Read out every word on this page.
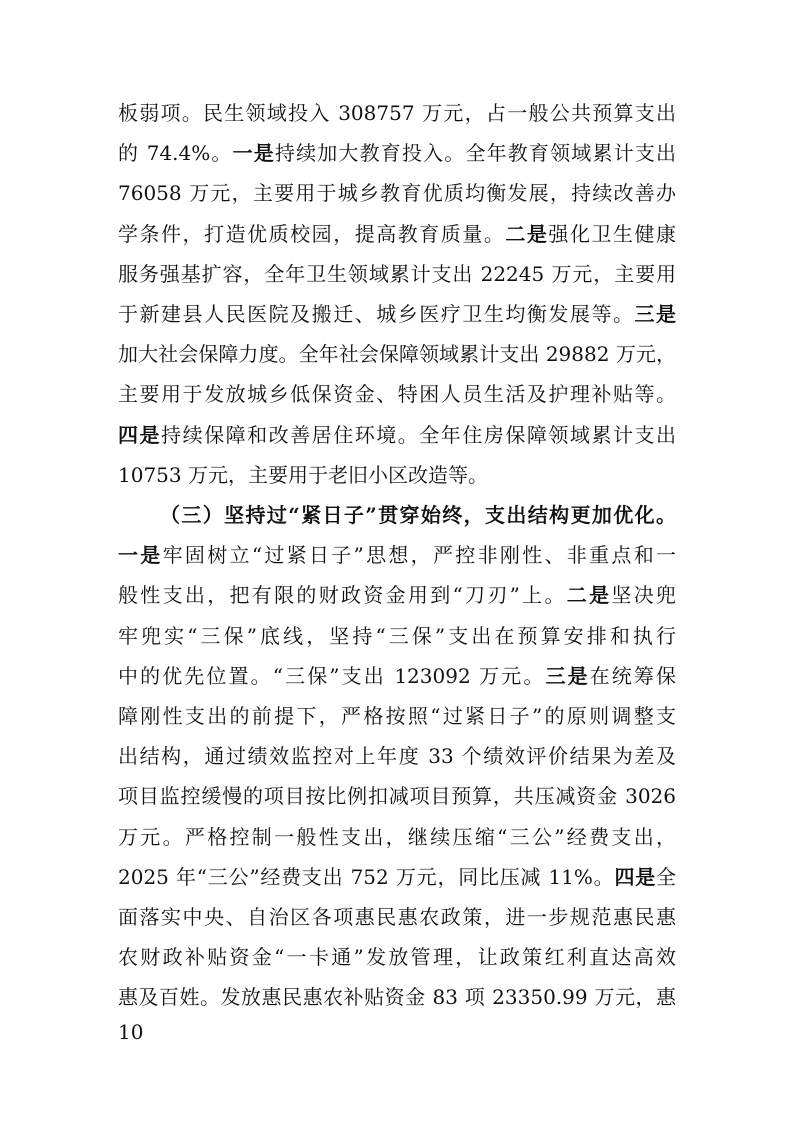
板弱项。民生领域投入 308757 万元，占一般公共预算支出
的 74.4%。一是持续加大教育投入。全年教育领域累计支出
76058 万元，主要用于城乡教育优质均衡发展，持续改善办
学条件，打造优质校园，提高教育质量。二是强化卫生健康
服务强基扩容，全年卫生领域累计支出 22245 万元，主要用
于新建县人民医院及搬迁、城乡医疗卫生均衡发展等。三是
加大社会保障力度。全年社会保障领域累计支出 29882 万元，
主要用于发放城乡低保资金、特困人员生活及护理补贴等。
四是持续保障和改善居住环境。全年住房保障领域累计支出
10753 万元，主要用于老旧小区改造等。
（三）坚持过“紧日子”贯穿始终，支出结构更加优化。
一是牢固树立“过紧日子”思想，严控非刚性、非重点和一
般性支出，把有限的财政资金用到“刀刃”上。二是坚决兜
牢兜实“三保”底线，坚持“三保”支出在预算安排和执行
中的优先位置。“三保”支出 123092 万元。三是在统筹保
障刚性支出的前提下，严格按照“过紧日子”的原则调整支
出结构，通过绩效监控对上年度 33 个绩效评价结果为差及
项目监控缓慢的项目按比例扣减项目预算，共压减资金 3026
万元。严格控制一般性支出，继续压缩“三公”经费支出，
2025 年“三公”经费支出 752 万元，同比压减 11%。四是全
面落实中央、自治区各项惠民惠农政策，进一步规范惠民惠
农财政补贴资金“一卡通”发放管理，让政策红利直达高效
惠及百姓。发放惠民惠农补贴资金 83 项 23350.99 万元，惠
10
